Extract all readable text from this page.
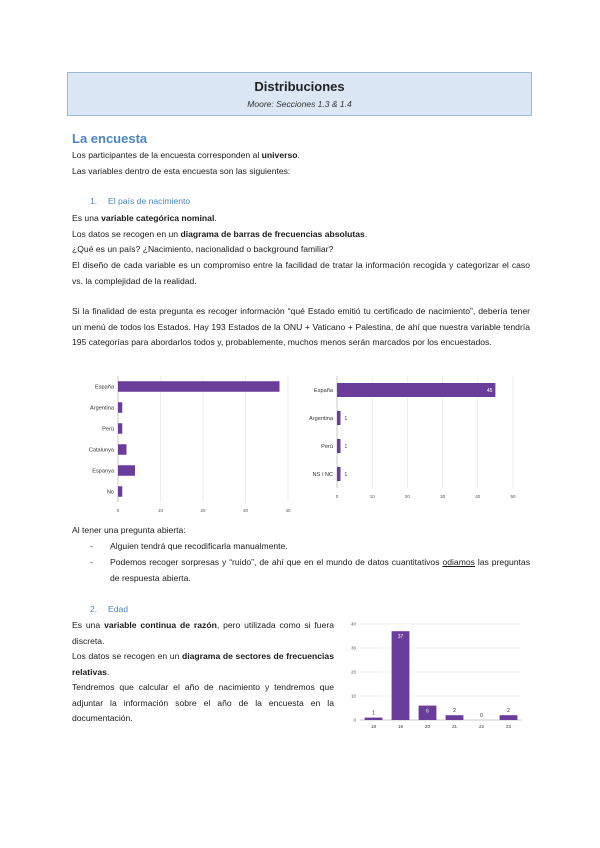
Distribuciones
Moore: Secciones 1.3 & 1.4
La encuesta
Los participantes de la encuesta corresponden al universo.
Las variables dentro de esta encuesta son las siguientes:
1. El país de nacimiento
Es una variable categórica nominal.
Los datos se recogen en un diagrama de barras de frecuencias absolutas.
¿Qué es un país? ¿Nacimiento, nacionalidad o background familiar?
El diseño de cada variable es un compromiso entre la facilidad de tratar la información recogida y categorizar el caso vs. la complejidad de la realidad.
Si la finalidad de esta pregunta es recoger información “qué Estado emitió tu certificado de nacimiento”, debería tener un menú de todos los Estados. Hay 193 Estados de la ONU + Vaticano + Palestina, de ahí que nuestra variable tendría 195 categorías para abordarlos todos y, probablemente, muchos menos serán marcados por los encuestados.
0	10	20	30	40
España
Argentina
Perú
Catalunya
Espanya
No
0	10	20	30	40	50
España	45
Argentina 1
Perú 1
NS / NC 1
Al tener una pregunta abierta:
- Alguien tendrá que recodificarla manualmente.
- Podemos recoger sorpresas y “ruido”, de ahí que en el mundo de datos cuantitativos odiamos las preguntas de respuesta abierta.
2. Edad
Es una variable continua de razón, pero utilizada como si fuera discreta.
Los datos se recogen en un diagrama de sectores de frecuencias relativas.
Tendremos que calcular el año de nacimiento y tendremos que adjuntar la información sobre el año de la encuesta en la documentación.	0
10
20
30
40
18
1
19
37
20
6
21
2
22
0
23
2
